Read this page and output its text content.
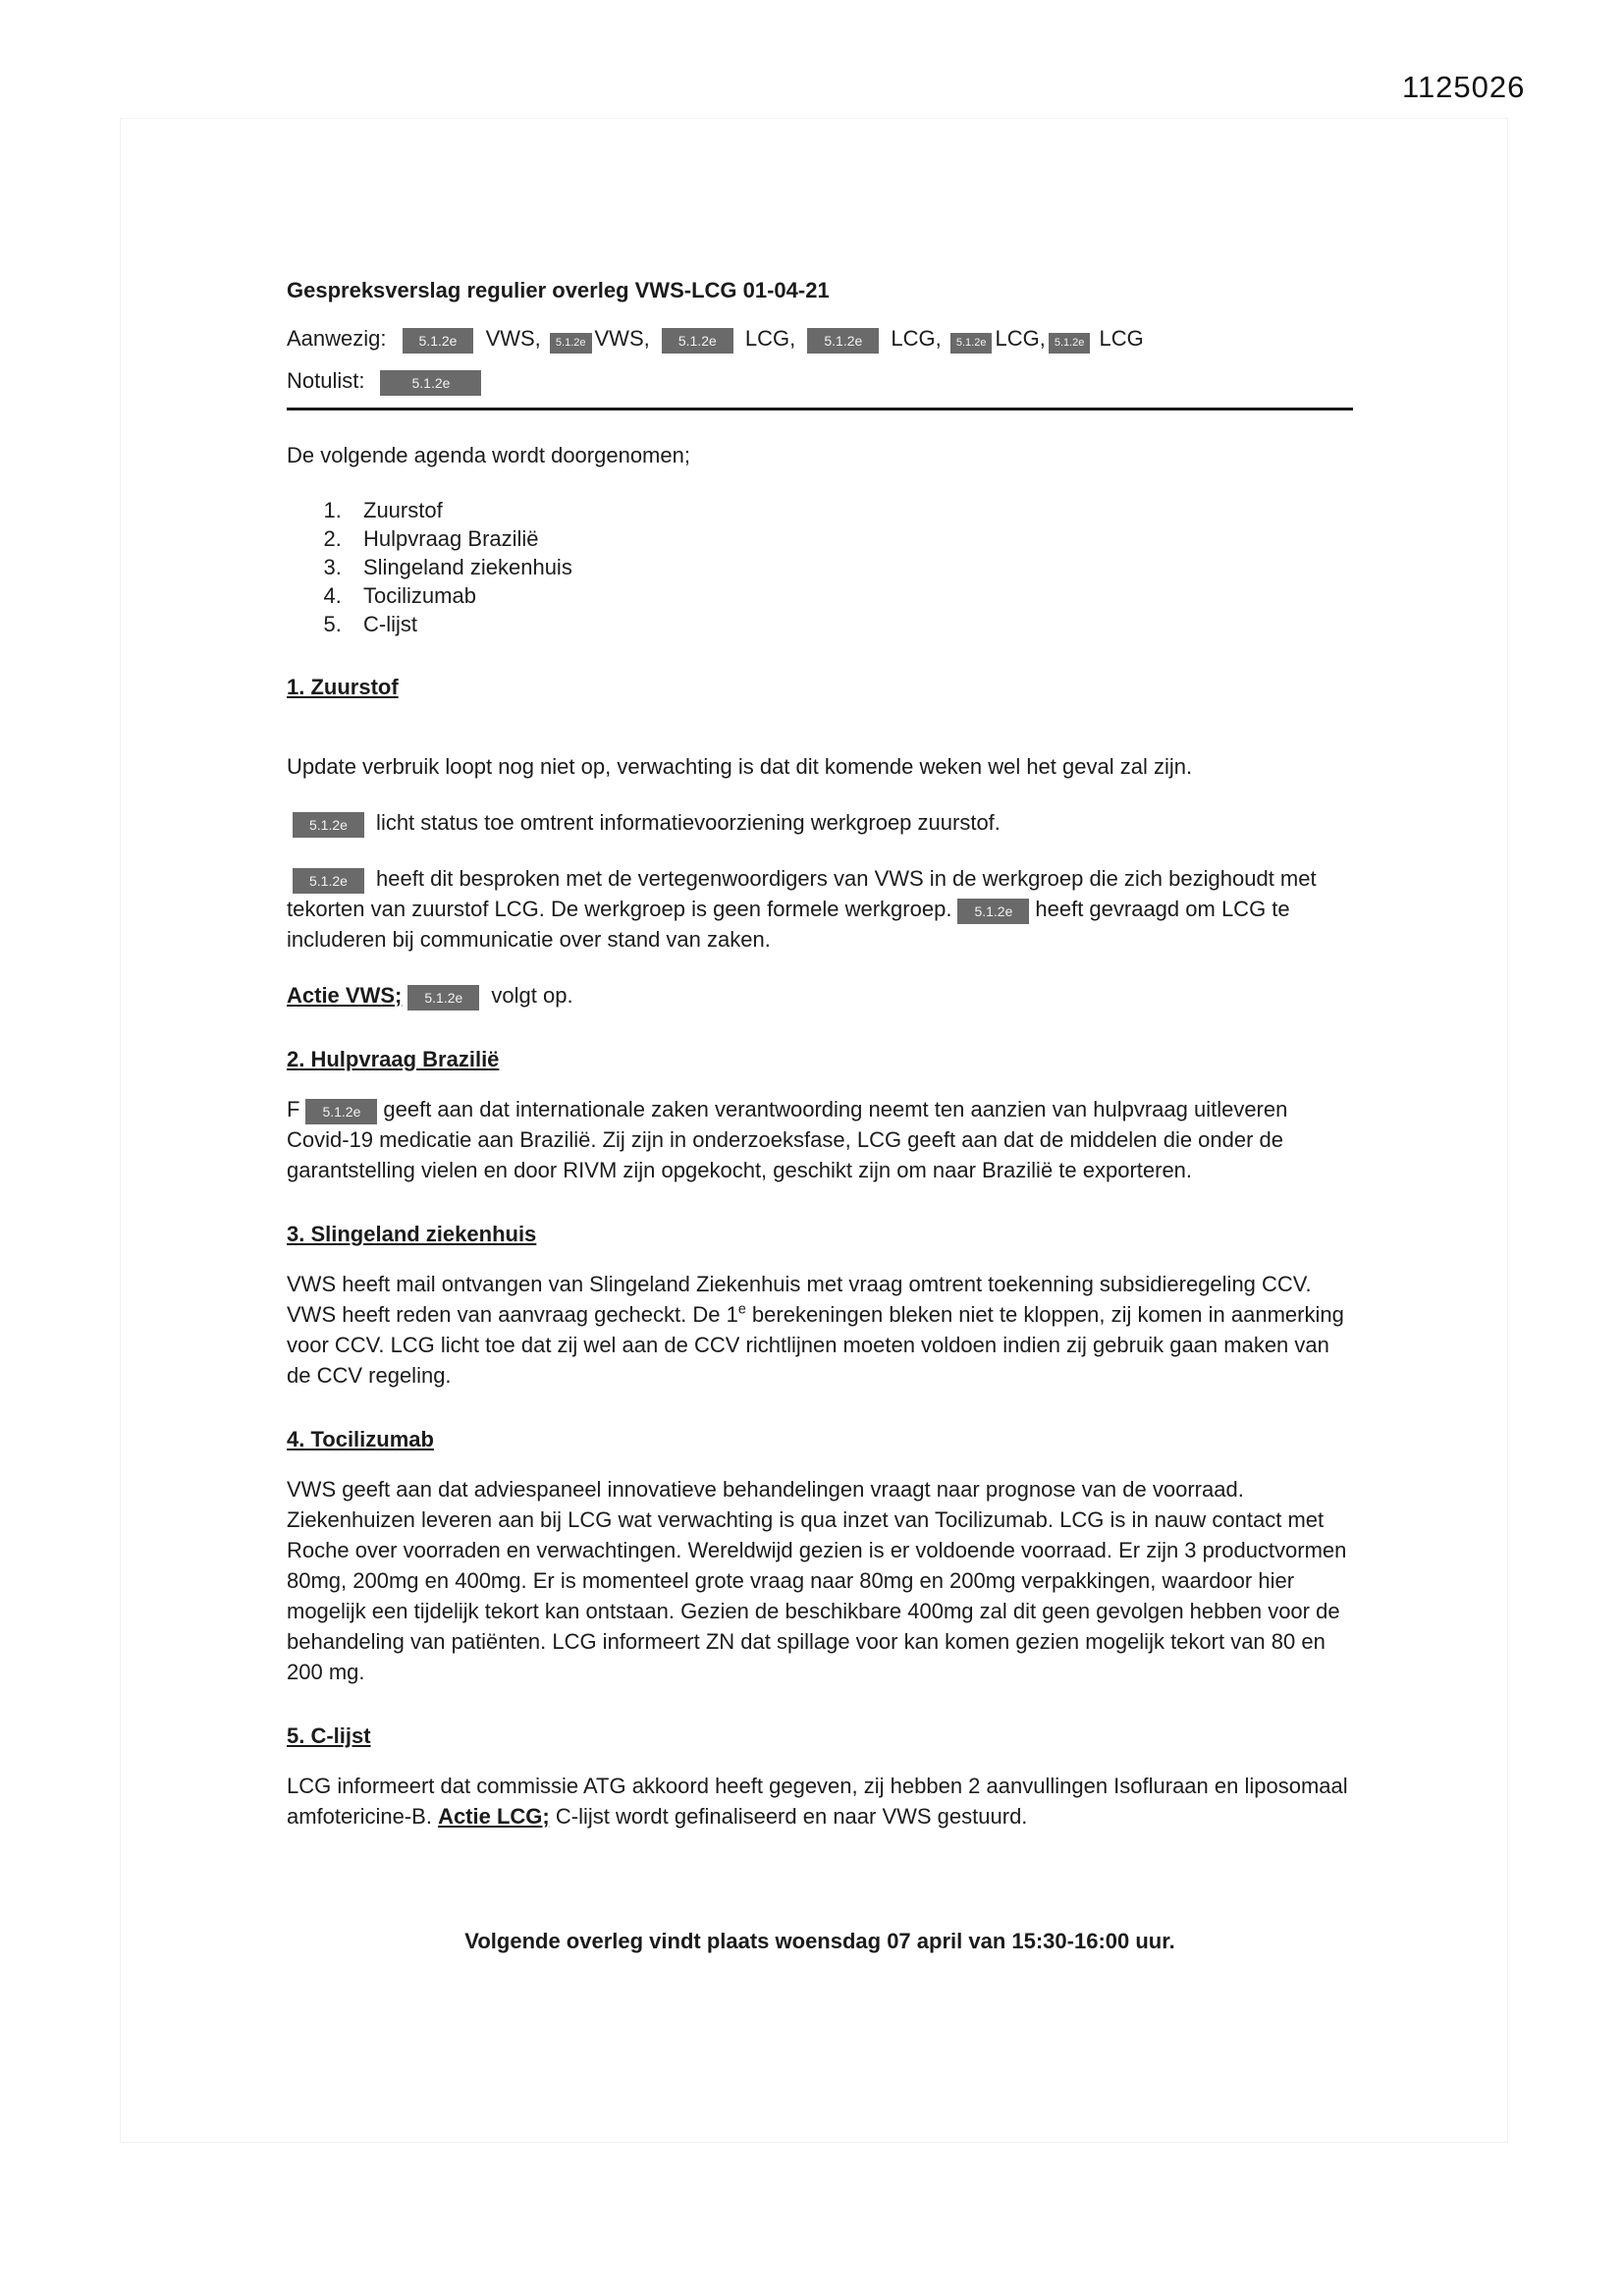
1125026

Gespreksverslag regulier overleg VWS-LCG 01-04-21

Aanwezig: 5.1.2e VWS, 5.1.2e VWS, 5.1.2e LCG, 5.1.2e LCG, 5.1.2e LCG, 5.1.2e LCG

Notulist:	5.1.2e

De volgende agenda wordt doorgenomen;

1. Zuurstof
2. Hulpvraag Brazilië
3. Slingeland ziekenhuis
4. Tocilizumab
5. C-lijst

1. Zuurstof

Update verbruik loopt nog niet op, verwachting is dat dit komende weken wel het geval zal zijn.

5.1.2e licht status toe omtrent informatievoorziening werkgroep zuurstof.

5.1.2e heeft dit besproken met de vertegenwoordigers van VWS in de werkgroep die zich bezighoudt met tekorten van zuurstof LCG. De werkgroep is geen formele werkgroep. 5.1.2e heeft gevraagd om LCG te includeren bij communicatie over stand van zaken.

Actie VWS; 5.1.2e volgt op.

2. Hulpvraag Brazilië

F 5.1.2e geeft aan dat internationale zaken verantwoording neemt ten aanzien van hulpvraag uitleveren Covid-19 medicatie aan Brazilië. Zij zijn in onderzoeksfase, LCG geeft aan dat de middelen die onder de garantstelling vielen en door RIVM zijn opgekocht, geschikt zijn om naar Brazilië te exporteren.

3. Slingeland ziekenhuis

VWS heeft mail ontvangen van Slingeland Ziekenhuis met vraag omtrent toekenning subsidieregeling CCV. VWS heeft reden van aanvraag gecheckt. De 1e berekeningen bleken niet te kloppen, zij komen in aanmerking voor CCV. LCG licht toe dat zij wel aan de CCV richtlijnen moeten voldoen indien zij gebruik gaan maken van de CCV regeling.

4. Tocilizumab

VWS geeft aan dat adviespaneel innovatieve behandelingen vraagt naar prognose van de voorraad. Ziekenhuizen leveren aan bij LCG wat verwachting is qua inzet van Tocilizumab. LCG is in nauw contact met Roche over voorraden en verwachtingen. Wereldwijd gezien is er voldoende voorraad. Er zijn 3 productvormen 80mg, 200mg en 400mg. Er is momenteel grote vraag naar 80mg en 200mg verpakkingen, waardoor hier mogelijk een tijdelijk tekort kan ontstaan. Gezien de beschikbare 400mg zal dit geen gevolgen hebben voor de behandeling van patiënten. LCG informeert ZN dat spillage voor kan komen gezien mogelijk tekort van 80 en 200 mg.

5. C-lijst

LCG informeert dat commissie ATG akkoord heeft gegeven, zij hebben 2 aanvullingen Isofluraan en liposomaal amfotericine-B. Actie LCG; C-lijst wordt gefinaliseerd en naar VWS gestuurd.

Volgende overleg vindt plaats woensdag 07 april van 15:30-16:00 uur.
